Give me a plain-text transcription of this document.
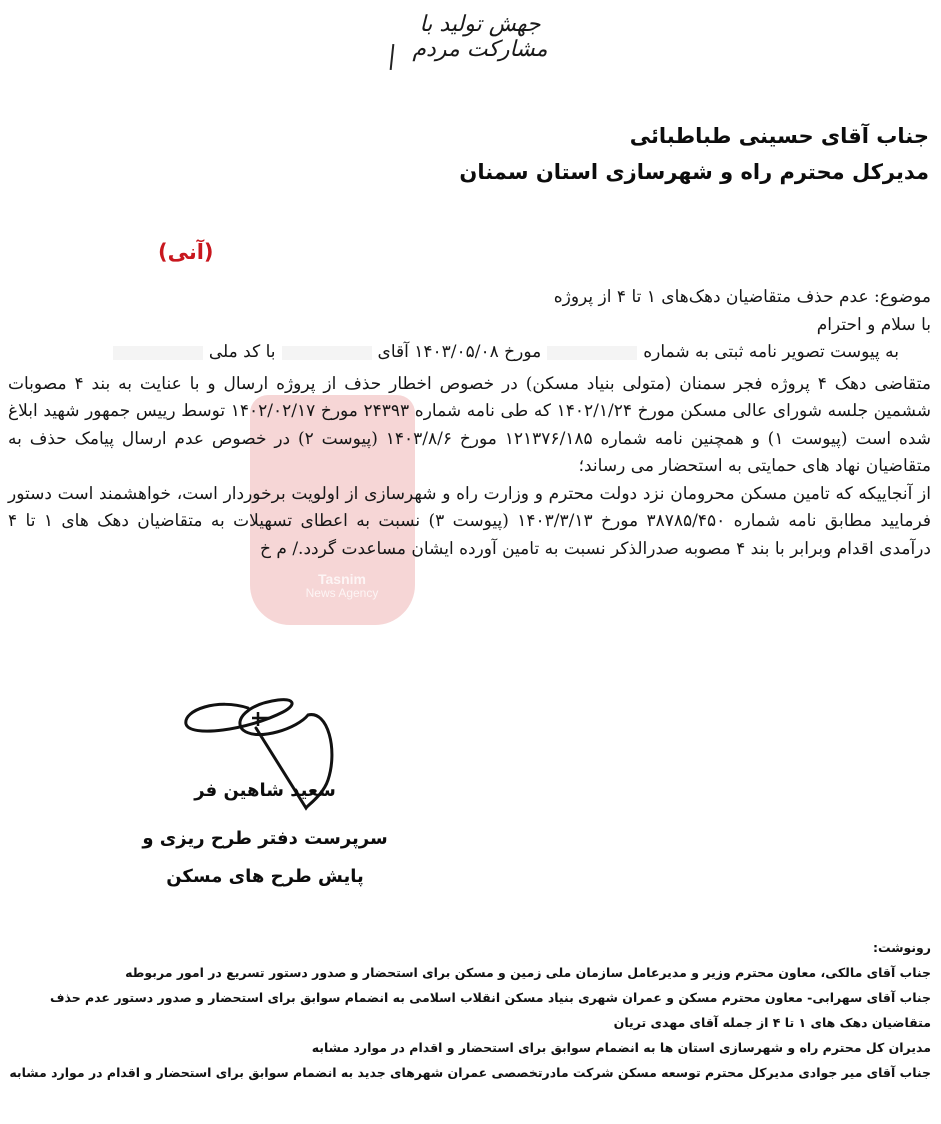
جهش تولید با مشارکت مردم
جناب آقای حسینی طباطبائی
مدیرکل محترم راه و شهرسازی استان سمنان
(آنی)
Tasnim
News Agency

موضوع: عدم حذف متقاضیان دهک‌های ۱ تا ۴ از پروژه

با سلام و احترام

به پیوست تصویر نامه ثبتی به شمارهمورخ ۱۴۰۳/۰۵/۰۸ آقایبا کد ملی

متقاضی دهک ۴ پروژه فجر سمنان (متولی بنیاد مسکن) در خصوص اخطار حذف از پروژه ارسال و با عنایت به بند ۴ مصوبات ششمین جلسه شورای عالی مسکن مورخ ۱۴۰۲/۱/۲۴ که طی نامه شماره ۲۴۳۹۳ مورخ ۱۴۰۲/۰۲/۱۷ توسط رییس جمهور شهید ابلاغ شده است (پیوست ۱) و همچنین نامه شماره ۱۲۱۳۷۶/۱۸۵ مورخ ۱۴۰۳/۸/۶ (پیوست ۲) در خصوص عدم ارسال پیامک حذف به متقاضیان نهاد های حمایتی به استحضار می رساند؛

از آنجاییکه که تامین مسکن محرومان نزد دولت محترم و وزارت راه و شهرسازی از اولویت برخوردار است، خواهشمند است دستور فرمایید مطابق نامه شماره ۳۸۷۸۵/۴۵۰ مورخ ۱۴۰۳/۳/۱۳ (پیوست ۳) نسبت به اعطای تسهیلات به متقاضیان دهک های ۱ تا ۴ درآمدی اقدام وبرابر با بند ۴ مصوبه صدرالذکر نسبت به تامین آورده ایشان مساعدت گردد./ م خ

سعید شاهین فر
سرپرست دفتر طرح ریزی و
پایش طرح های مسکن

رونوشت:

جناب آقای مالکی، معاون محترم وزیر و مدیرعامل سازمان ملی زمین و مسکن برای استحضار و صدور دستور تسریع در امور مربوطه

جناب آقای سهرابی- معاون محترم مسکن و عمران شهری بنیاد مسکن انقلاب اسلامی به انضمام سوابق برای استحضار و صدور دستور عدم حذف متقاضیان دهک های ۱ تا ۴ از جمله آقای مهدی تریان

مدیران کل محترم راه و شهرسازی استان ها به انضمام سوابق برای استحضار و اقدام در موارد مشابه

جناب آقای میر جوادی مدیرکل محترم توسعه مسکن شرکت مادرتخصصی عمران شهرهای جدید به انضمام سوابق برای استحضار و اقدام در موارد مشابه
